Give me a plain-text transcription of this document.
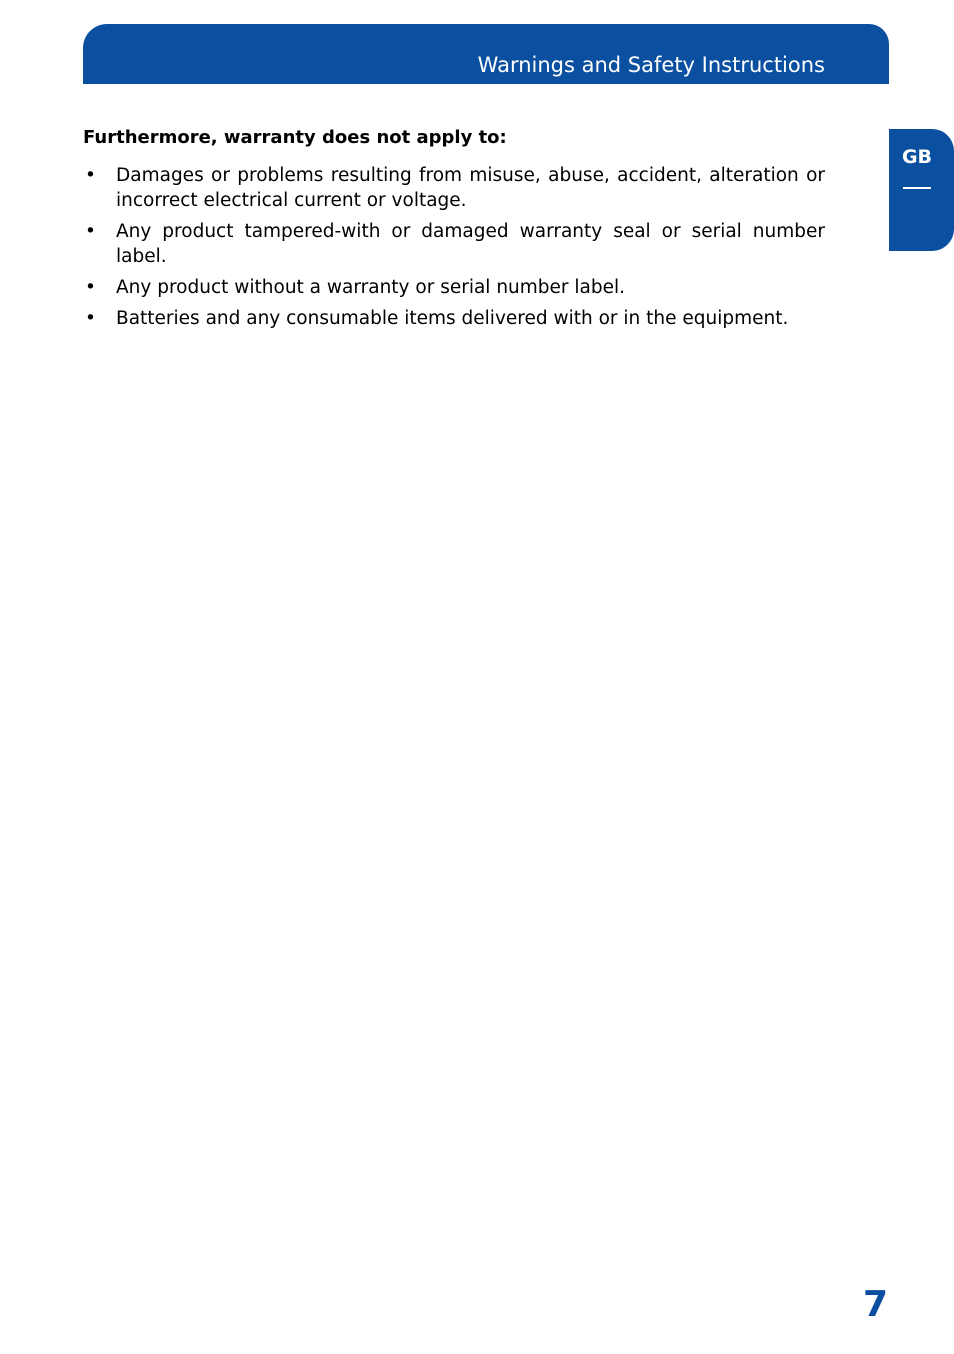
Warnings and Safety Instructions
GB
Furthermore, warranty does not apply to:
• Damages or problems resulting from misuse, abuse, accident, alteration or incorrect electrical current or voltage.
• Any product tampered-with or damaged warranty seal or serial number label.
• Any product without a warranty or serial number label.
• Batteries and any consumable items delivered with or in the equipment.
7
